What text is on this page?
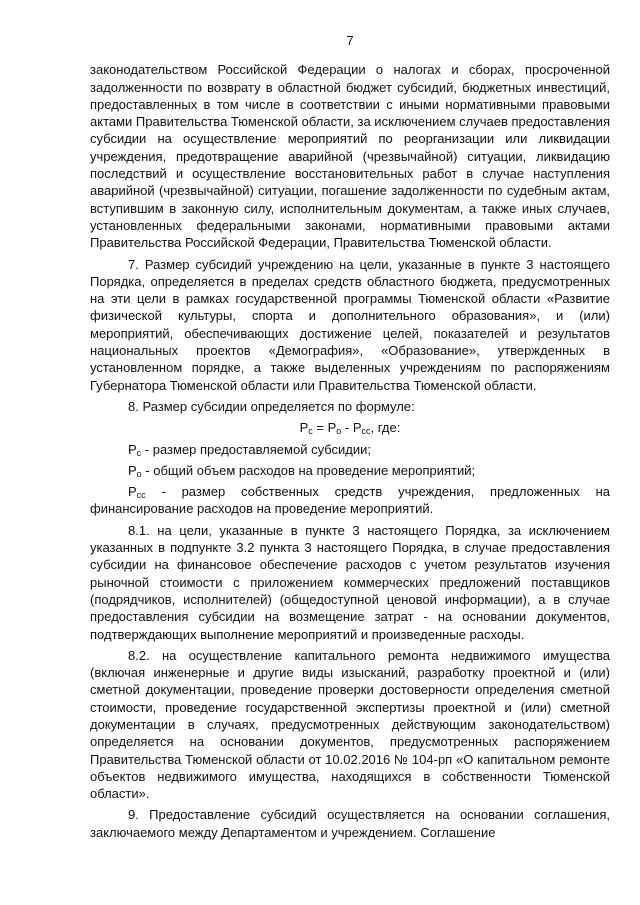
7

законодательством Российской Федерации о налогах и сборах, просроченной задолженности по возврату в областной бюджет субсидий, бюджетных инвестиций, предоставленных в том числе в соответствии с иными нормативными правовыми актами Правительства Тюменской области, за исключением случаев предоставления субсидии на осуществление мероприятий по реорганизации или ликвидации учреждения, предотвращение аварийной (чрезвычайной) ситуации, ликвидацию последствий и осуществление восстановительных работ в случае наступления аварийной (чрезвычайной) ситуации, погашение задолженности по судебным актам, вступившим в законную силу, исполнительным документам, а также иных случаев, установленных федеральными законами, нормативными правовыми актами Правительства Российской Федерации, Правительства Тюменской области.

7. Размер субсидий учреждению на цели, указанные в пункте 3 настоящего Порядка, определяется в пределах средств областного бюджета, предусмотренных на эти цели в рамках государственной программы Тюменской области «Развитие физической культуры, спорта и дополнительного образования», и (или) мероприятий, обеспечивающих достижение целей, показателей и результатов национальных проектов «Демография», «Образование», утвержденных в установленном порядке, а также выделенных учреждениям по распоряжениям Губернатора Тюменской области или Правительства Тюменской области.

8. Размер субсидии определяется по формуле:

$P_с = P_о - P_{сс}$, где:

$P_с$ - размер предоставляемой субсидии;

$P_о$ - общий объем расходов на проведение мероприятий;

$P_{сс}$ - размер собственных средств учреждения, предложенных на финансирование расходов на проведение мероприятий.

8.1. на цели, указанные в пункте 3 настоящего Порядка, за исключением указанных в подпункте 3.2 пункта 3 настоящего Порядка, в случае предоставления субсидии на финансовое обеспечение расходов с учетом результатов изучения рыночной стоимости с приложением коммерческих предложений поставщиков (подрядчиков, исполнителей) (общедоступной ценовой информации), а в случае предоставления субсидии на возмещение затрат - на основании документов, подтверждающих выполнение мероприятий и произведенные расходы.

8.2. на осуществление капитального ремонта недвижимого имущества (включая инженерные и другие виды изысканий, разработку проектной и (или) сметной документации, проведение проверки достоверности определения сметной стоимости, проведение государственной экспертизы проектной и (или) сметной документации в случаях, предусмотренных действующим законодательством) определяется на основании документов, предусмотренных распоряжением Правительства Тюменской области от 10.02.2016 № 104-рп «О капитальном ремонте объектов недвижимого имущества, находящихся в собственности Тюменской области».

9. Предоставление субсидий осуществляется на основании соглашения, заключаемого между Департаментом и учреждением. Соглашение
